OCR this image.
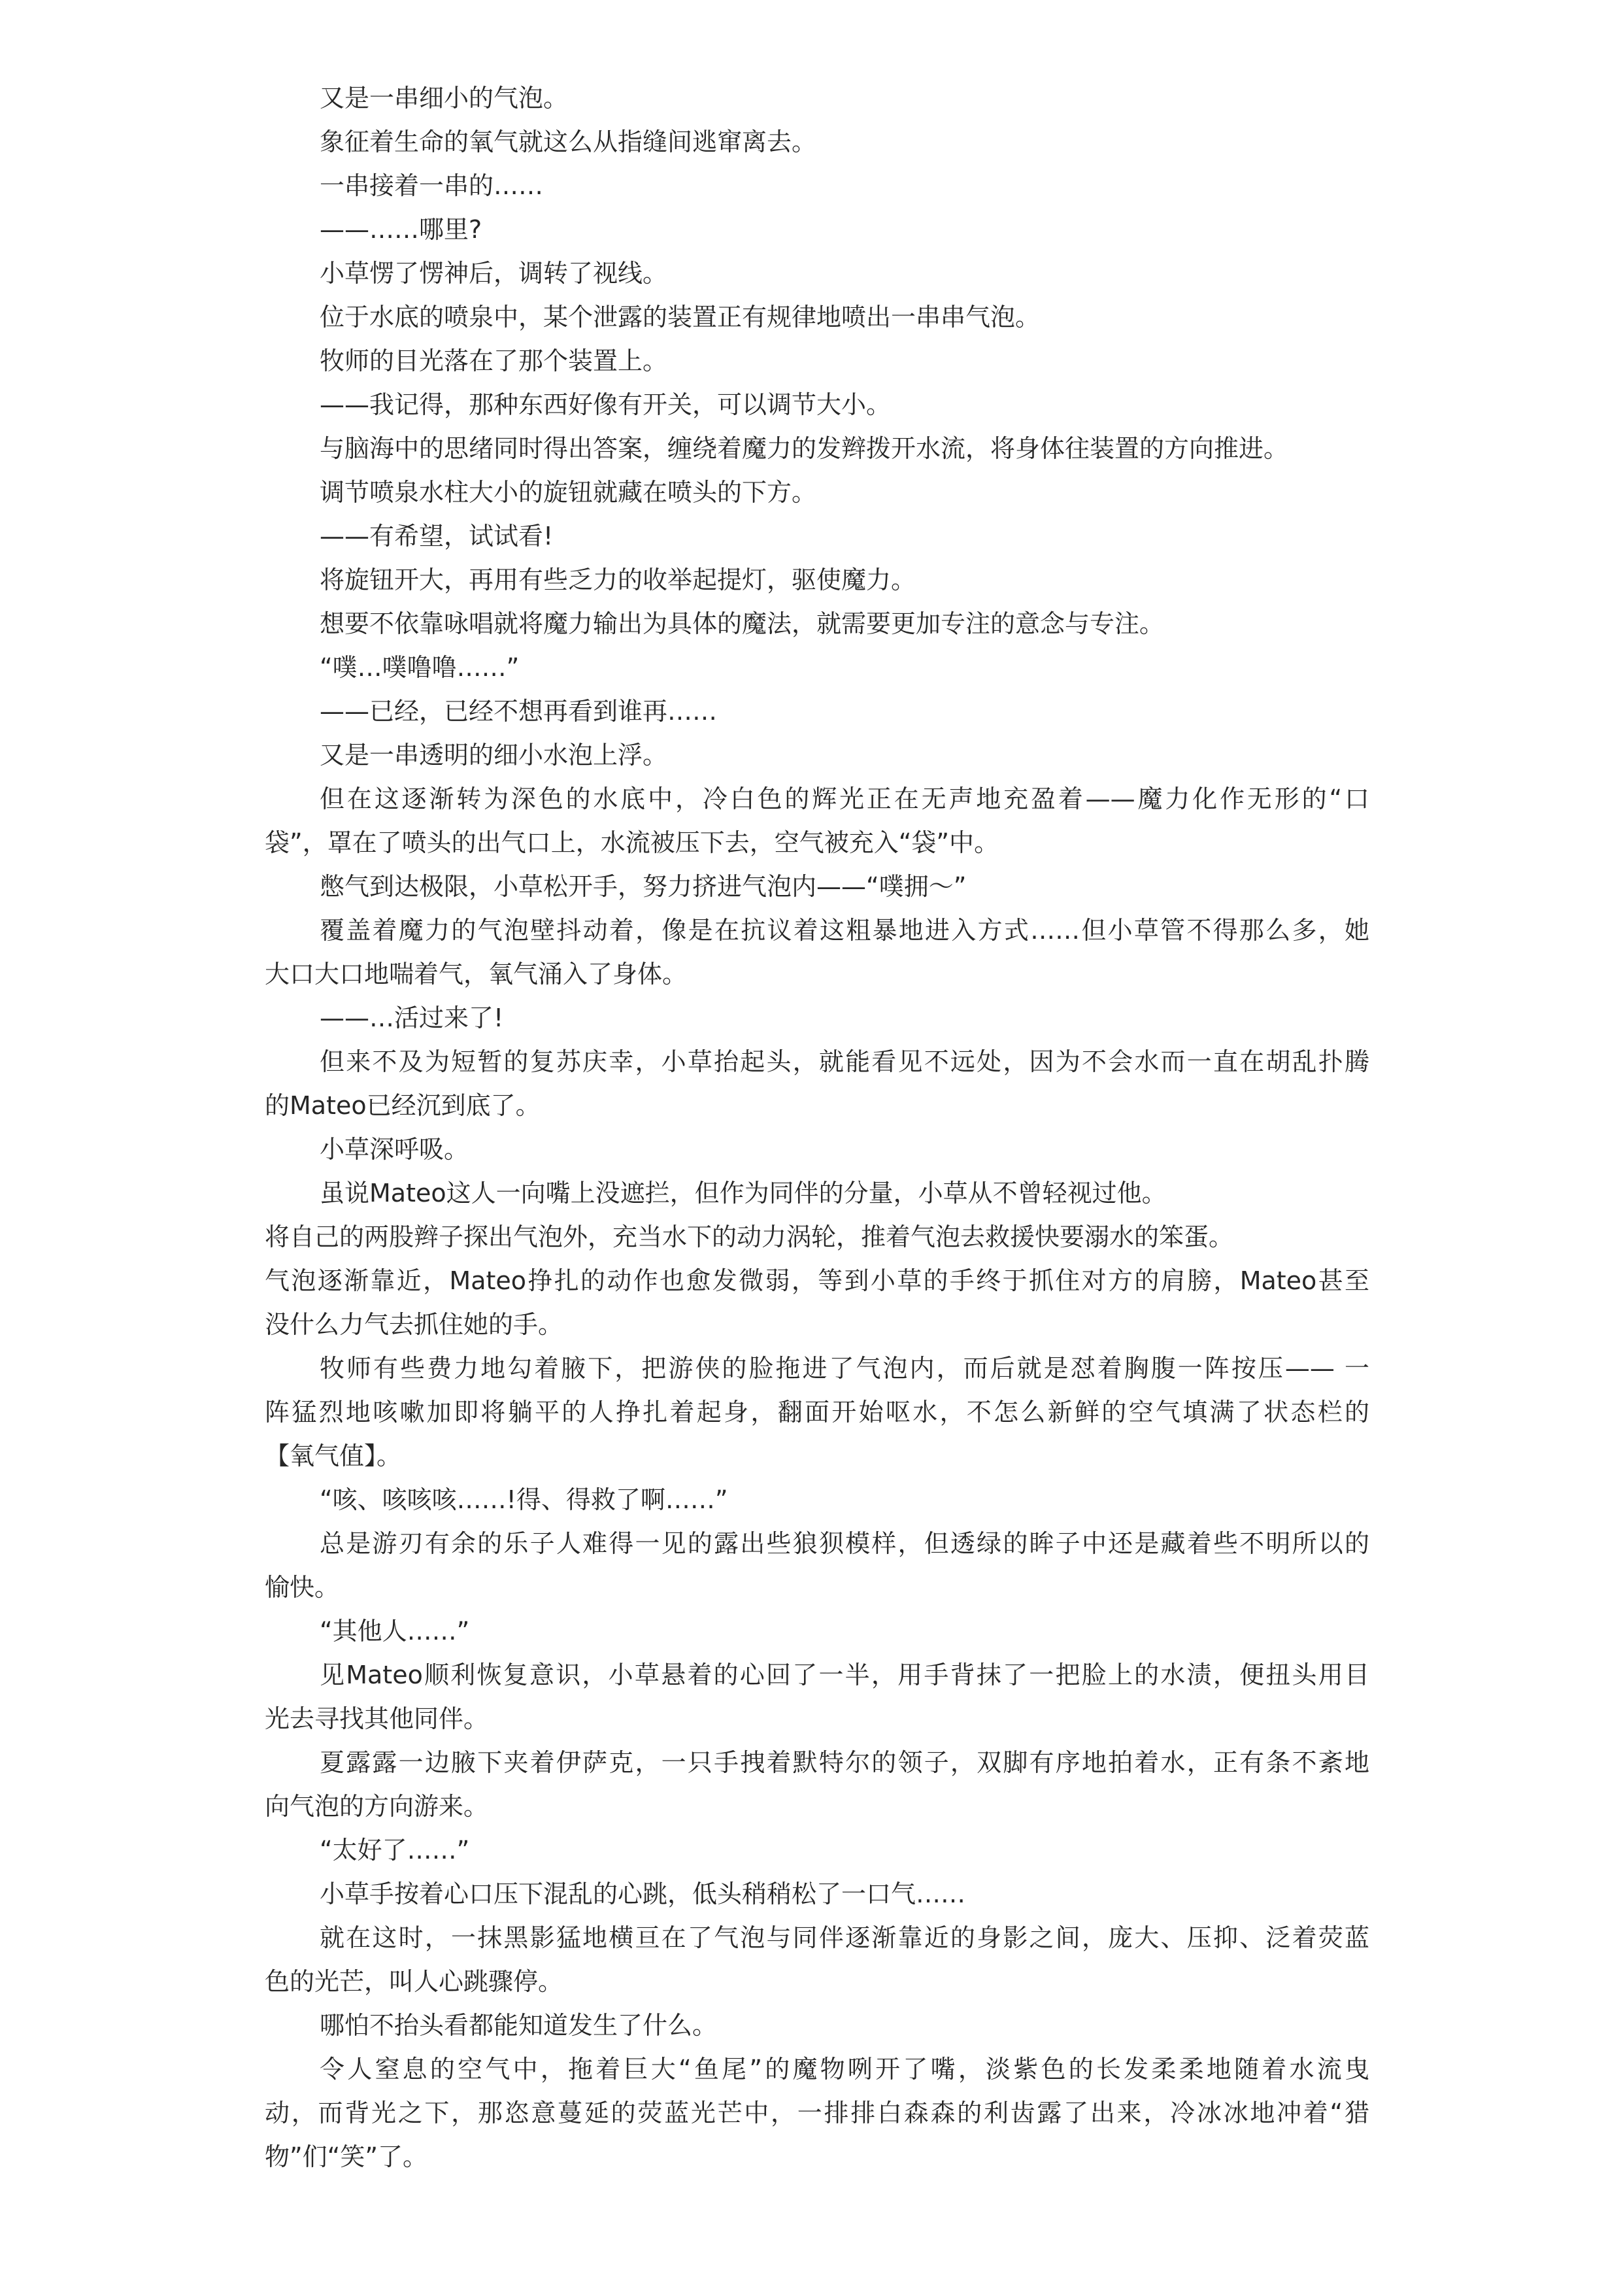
又是一串细小的气泡。

象征着生命的氧气就这么从指缝间逃窜离去。

一串接着一串的……

——……哪里?

小草愣了愣神后，调转了视线。

位于水底的喷泉中，某个泄露的装置正有规律地喷出一串串气泡。

牧师的目光落在了那个装置上。

——我记得，那种东西好像有开关，可以调节大小。

与脑海中的思绪同时得出答案，缠绕着魔力的发辫拨开水流，将身体往装置的方向推进。

调节喷泉水柱大小的旋钮就藏在喷头的下方。

——有希望，试试看!

将旋钮开大，再用有些乏力的收举起提灯，驱使魔力。

想要不依靠咏唱就将魔力输出为具体的魔法，就需要更加专注的意念与专注。

“噗…噗噜噜……”

——已经，已经不想再看到谁再……

又是一串透明的细小水泡上浮。

但在这逐渐转为深色的水底中，冷白色的辉光正在无声地充盈着——魔力化作无形的“口

袋”，罩在了喷头的出气口上，水流被压下去，空气被充入“袋”中。

憋气到达极限，小草松开手，努力挤进气泡内——“噗拥～”

覆盖着魔力的气泡壁抖动着，像是在抗议着这粗暴地进入方式……但小草管不得那么多，她

大口大口地喘着气，氧气涌入了身体。

——…活过来了!

但来不及为短暂的复苏庆幸，小草抬起头，就能看见不远处，因为不会水而一直在胡乱扑腾

的Mateo已经沉到底了。

小草深呼吸。

虽说Mateo这人一向嘴上没遮拦，但作为同伴的分量，小草从不曾轻视过他。

将自己的两股辫子探出气泡外，充当水下的动力涡轮，推着气泡去救援快要溺水的笨蛋。

气泡逐渐靠近，Mateo挣扎的动作也愈发微弱，等到小草的手终于抓住对方的肩膀，Mateo甚至

没什么力气去抓住她的手。

牧师有些费力地勾着腋下，把游侠的脸拖进了气泡内，而后就是怼着胸腹一阵按压—— 一

阵猛烈地咳嗽加即将躺平的人挣扎着起身，翻面开始呕水，不怎么新鲜的空气填满了状态栏的

【氧气值】。

“咳、咳咳咳……!得、得救了啊……”

总是游刃有余的乐子人难得一见的露出些狼狈模样，但透绿的眸子中还是藏着些不明所以的

愉快。

“其他人……”

见Mateo顺利恢复意识，小草悬着的心回了一半，用手背抹了一把脸上的水渍，便扭头用目

光去寻找其他同伴。

夏露露一边腋下夹着伊萨克，一只手拽着默特尔的领子，双脚有序地拍着水，正有条不紊地

向气泡的方向游来。

“太好了……”

小草手按着心口压下混乱的心跳，低头稍稍松了一口气……

就在这时，一抹黑影猛地横亘在了气泡与同伴逐渐靠近的身影之间，庞大、压抑、泛着荧蓝

色的光芒，叫人心跳骤停。

哪怕不抬头看都能知道发生了什么。

令人窒息的空气中，拖着巨大“鱼尾”的魔物咧开了嘴，淡紫色的长发柔柔地随着水流曳

动，而背光之下，那恣意蔓延的荧蓝光芒中，一排排白森森的利齿露了出来，冷冰冰地冲着“猎

物”们“笑”了。
